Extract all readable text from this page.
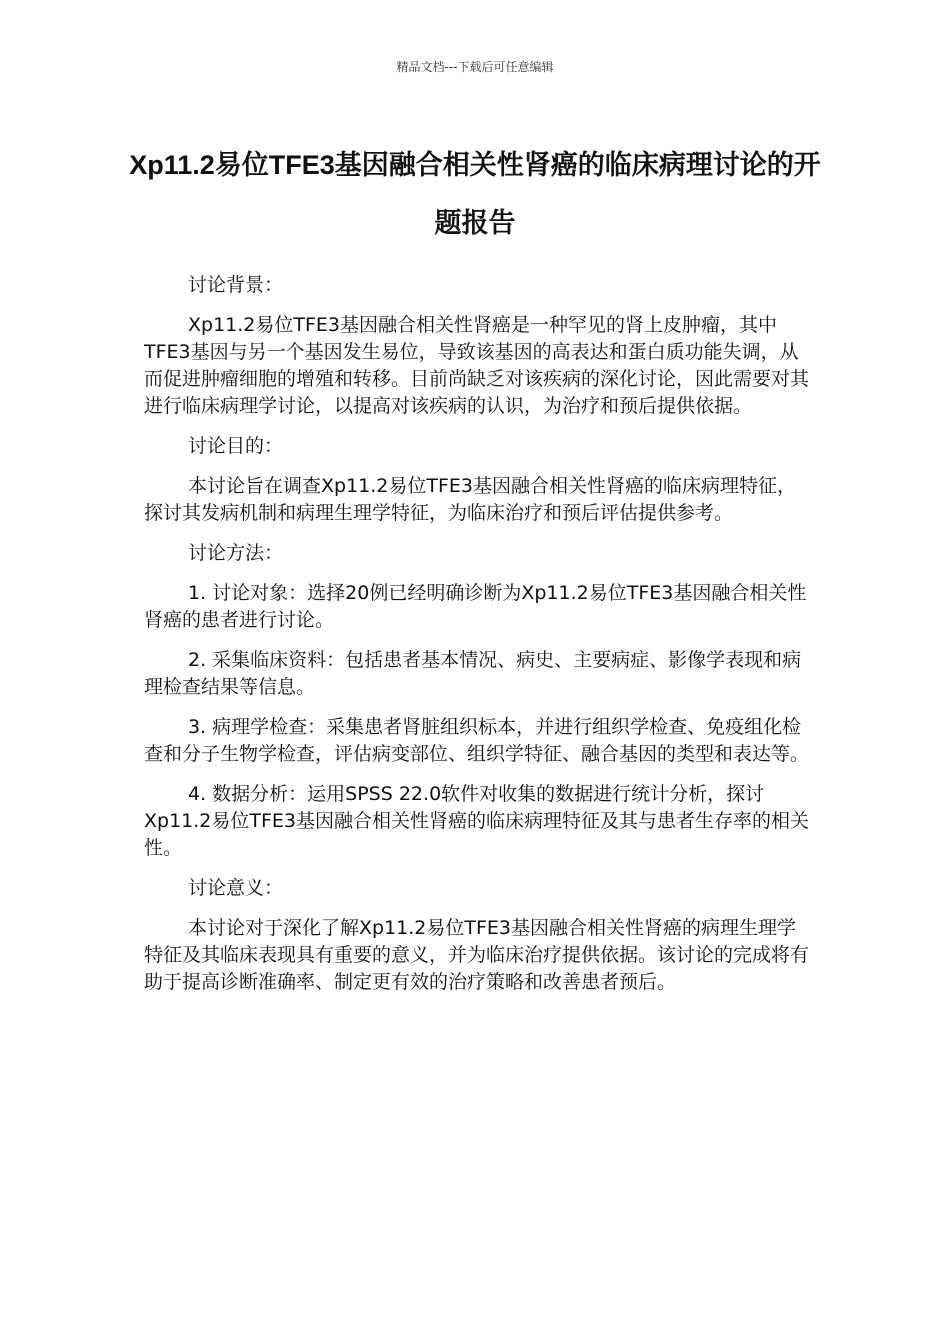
精品文档---下载后可任意编辑
Xp11.2易位TFE3基因融合相关性肾癌的临床病理讨论的开题报告

讨论背景：

Xp11.2易位TFE3基因融合相关性肾癌是一种罕见的肾上皮肿瘤，其中TFE3基因与另一个基因发生易位，导致该基因的高表达和蛋白质功能失调，从而促进肿瘤细胞的增殖和转移。目前尚缺乏对该疾病的深化讨论，因此需要对其进行临床病理学讨论，以提高对该疾病的认识，为治疗和预后提供依据。

讨论目的：

本讨论旨在调查Xp11.2易位TFE3基因融合相关性肾癌的临床病理特征，探讨其发病机制和病理生理学特征，为临床治疗和预后评估提供参考。

讨论方法：

1. 讨论对象：选择20例已经明确诊断为Xp11.2易位TFE3基因融合相关性肾癌的患者进行讨论。

2. 采集临床资料：包括患者基本情况、病史、主要病症、影像学表现和病理检查结果等信息。

3. 病理学检查：采集患者肾脏组织标本，并进行组织学检查、免疫组化检查和分子生物学检查，评估病变部位、组织学特征、融合基因的类型和表达等。

4. 数据分析：运用SPSS 22.0软件对收集的数据进行统计分析，探讨Xp11.2易位TFE3基因融合相关性肾癌的临床病理特征及其与患者生存率的相关性。

讨论意义：

本讨论对于深化了解Xp11.2易位TFE3基因融合相关性肾癌的病理生理学特征及其临床表现具有重要的意义，并为临床治疗提供依据。该讨论的完成将有助于提高诊断准确率、制定更有效的治疗策略和改善患者预后。
